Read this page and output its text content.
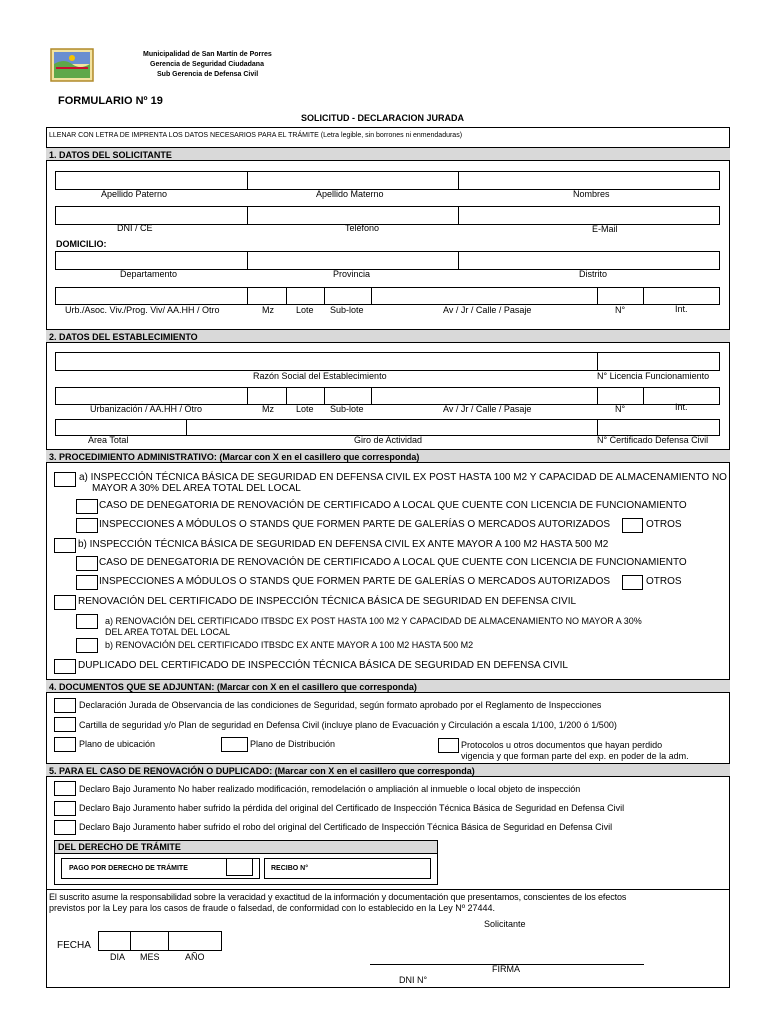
Municipalidad de San Martín de Porres
Gerencia de Seguridad Ciudadana
Sub Gerencia de Defensa Civil
FORMULARIO Nº 19
SOLICITUD - DECLARACION JURADA
LLENAR CON LETRA DE IMPRENTA LOS DATOS NECESARIOS PARA EL TRÁMITE (Letra legible, sin borrones ni enmendaduras)
1. DATOS DEL SOLICITANTE
Apellido Paterno	Apellido Materno	Nombres
DNI / CE	Teléfono	E-Mail
DOMICILIO:
Departamento	Provincia	Distrito
Urb./Asoc. Viv./Prog. Viv/ AA.HH / Otro	Mz Lote Sub-lote	Av / Jr / Calle / Pasaje	N°	Int.
2. DATOS DEL ESTABLECIMIENTO
Razón Social del Establecimiento	N° Licencia Funcionamiento
Urbanización / AA.HH / Otro	Mz Lote Sub-lote	Av / Jr / Calle / Pasaje	N°	Int.
Area Total	Giro de Actividad	N° Certificado Defensa Civil
3. PROCEDIMIENTO ADMINISTRATIVO: (Marcar con X en el casillero que corresponda)
a) INSPECCIÓN TÉCNICA BÁSICA DE SEGURIDAD EN DEFENSA CIVIL EX POST HASTA 100 M2 Y CAPACIDAD DE ALMACENAMIENTO NO
MAYOR A 30% DEL AREA TOTAL DEL LOCAL
CASO DE DENEGATORIA DE RENOVACIÓN DE CERTIFICADO A LOCAL QUE CUENTE CON LICENCIA DE FUNCIONAMIENTO
INSPECCIONES A MÓDULOS O STANDS QUE FORMEN PARTE DE GALERÍAS O MERCADOS AUTORIZADOS	OTROS
b) INSPECCIÓN TÉCNICA BÁSICA DE SEGURIDAD EN DEFENSA CIVIL EX ANTE MAYOR A 100 M2 HASTA 500 M2
CASO DE DENEGATORIA DE RENOVACIÓN DE CERTIFICADO A LOCAL QUE CUENTE CON LICENCIA DE FUNCIONAMIENTO
INSPECCIONES A MÓDULOS O STANDS QUE FORMEN PARTE DE GALERÍAS O MERCADOS AUTORIZADOS	OTROS
RENOVACIÓN DEL CERTIFICADO DE INSPECCIÓN TÉCNICA BÁSICA DE SEGURIDAD EN DEFENSA CIVIL
a) RENOVACIÓN DEL CERTIFICADO ITBSDC EX POST HASTA 100 M2 Y CAPACIDAD DE ALMACENAMIENTO NO MAYOR A 30%
DEL AREA TOTAL DEL LOCAL
b) RENOVACIÓN DEL CERTIFICADO ITBSDC EX ANTE MAYOR A 100 M2 HASTA 500 M2
DUPLICADO DEL CERTIFICADO DE INSPECCIÓN TÉCNICA BÁSICA DE SEGURIDAD EN DEFENSA CIVIL
4. DOCUMENTOS QUE SE ADJUNTAN: (Marcar con X en el casillero que corresponda)
Declaración Jurada de Observancia de las condiciones de Seguridad, según formato aprobado por el Reglamento de Inspecciones
Cartilla de seguridad y/o Plan de seguridad en Defensa Civil (incluye plano de Evacuación y Circulación a escala 1/100, 1/200 ó 1/500)
Plano de ubicación	Plano de Distribución	Protocolos u otros documentos que hayan perdido
vigencia y que forman parte del exp. en poder de la adm.
5. PARA EL CASO DE RENOVACIÓN O DUPLICADO: (Marcar con X en el casillero que corresponda)
Declaro Bajo Juramento No haber realizado modificación, remodelación o ampliación al inmueble o local objeto de inspección
Declaro Bajo Juramento haber sufrido la pérdida del original del Certificado de Inspección Técnica Básica de Seguridad en Defensa Civil
Declaro Bajo Juramento haber sufrido el robo del original del Certificado de Inspección Técnica Básica de Seguridad en Defensa Civil
DEL DERECHO DE TRÁMITE
PAGO POR DERECHO DE TRÁMITE	RECIBO N°
El suscrito asume la responsabilidad sobre la veracidad y exactitud de la información y documentación que presentamos, conscientes de los efectos
previstos por la Ley para los casos de fraude o falsedad, de conformidad con lo establecido en la Ley Nº 27444.
Solicitante
FECHA
DIA MES	AÑO
FIRMA
DNI N°
